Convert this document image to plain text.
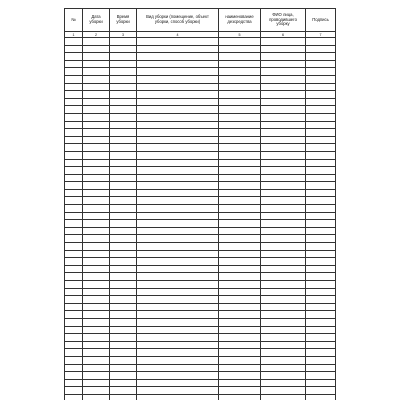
№	Дата уборки	Время уборки	Вид уборки (помещение, объект уборки, способ уборки)	наименование дезсредства	ФИО лица, проводившего уборку	Подпись

1	2	3	4	5	6	7
